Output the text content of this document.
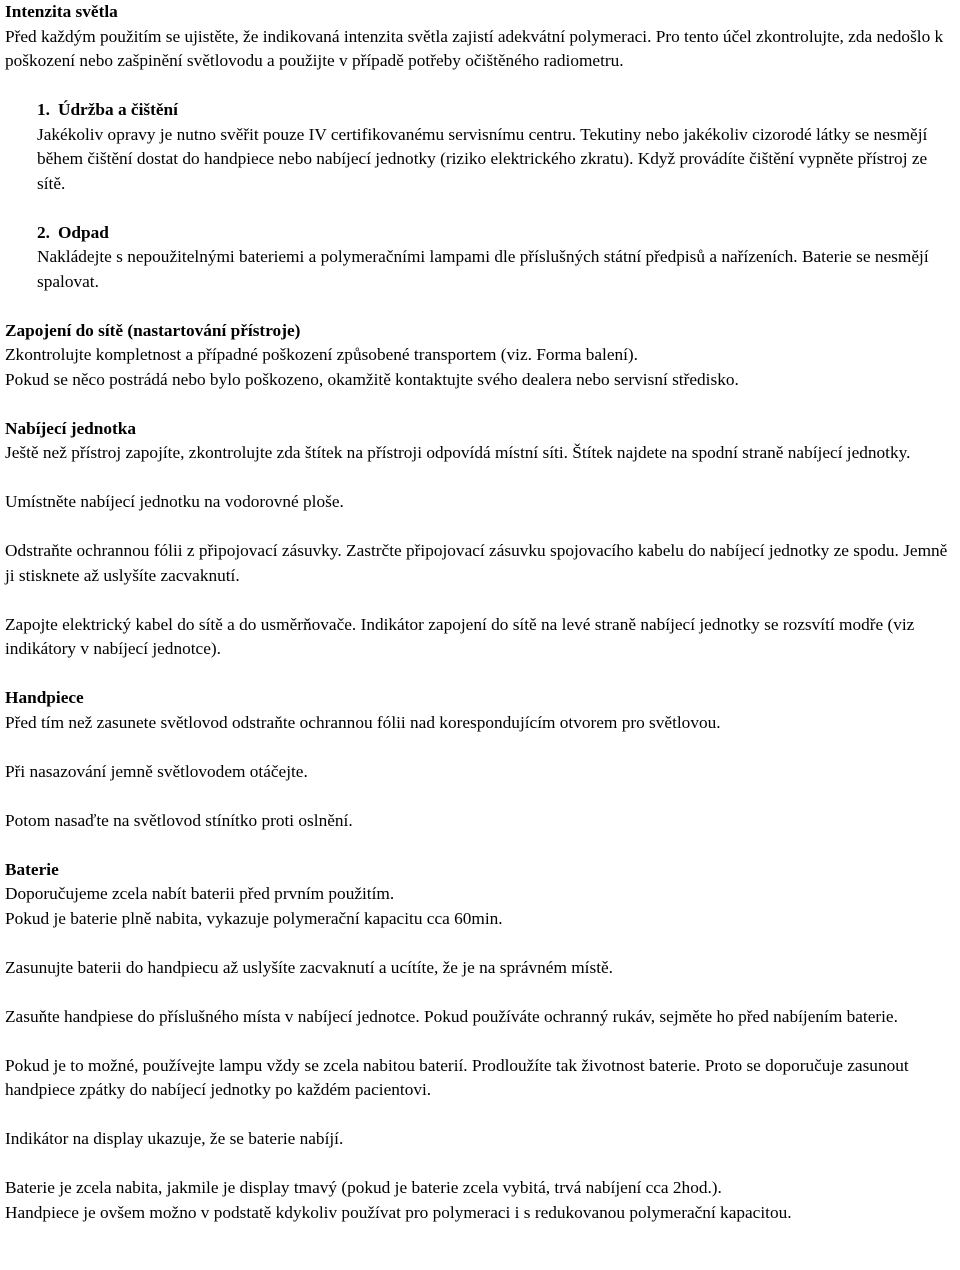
Intenzita světla

Před každým použitím se ujistěte, že indikovaná intenzita světla zajistí adekvátní polymeraci. Pro tento účel zkontrolujte, zda nedošlo k poškození nebo zašpinění světlovodu a použijte v případě potřeby očištěného radiometru.

1. Údržba a čištění

Jakékoliv opravy je nutno svěřit pouze IV certifikovanému servisnímu centru. Tekutiny nebo jakékoliv cizorodé látky se nesmějí během čištění dostat do handpiece nebo nabíjecí jednotky (riziko elektrického zkratu). Když provádíte čištění vypněte přístroj ze sítě.

2. Odpad

Nakládejte s nepoužitelnými bateriemi a polymeračními lampami dle příslušných státní předpisů a nařízeních. Baterie se nesmějí spalovat.

Zapojení do sítě (nastartování přístroje)

Zkontrolujte kompletnost a případné poškození způsobené transportem (viz. Forma balení).

Pokud se něco postrádá nebo bylo poškozeno, okamžitě kontaktujte svého dealera nebo servisní středisko.

Nabíjecí jednotka

Ještě než přístroj zapojíte, zkontrolujte zda štítek na přístroji odpovídá místní síti. Štítek najdete na spodní straně nabíjecí jednotky.

Umístněte nabíjecí jednotku na vodorovné ploše.

Odstraňte ochrannou fólii z připojovací zásuvky. Zastrčte připojovací zásuvku spojovacího kabelu do nabíjecí jednotky ze spodu. Jemně ji stisknete až uslyšíte zacvaknutí.

Zapojte elektrický kabel do sítě a do usměrňovače. Indikátor zapojení do sítě na levé straně nabíjecí jednotky se rozsvítí modře (viz indikátory v nabíjecí jednotce).

Handpiece

Před tím než zasunete světlovod odstraňte ochrannou fólii nad korespondujícím otvorem pro světlovou.

Při nasazování jemně světlovodem otáčejte.

Potom nasaďte na světlovod stínítko proti oslnění.

Baterie

Doporučujeme zcela nabít baterii před prvním použitím.

Pokud je baterie plně nabita, vykazuje polymerační kapacitu cca 60min.

Zasunujte baterii do handpiecu až uslyšíte zacvaknutí a ucítíte, že je na správném místě.

Zasuňte handpiese do příslušného místa v nabíjecí jednotce. Pokud používáte ochranný rukáv, sejměte ho před nabíjením baterie.

Pokud je to možné, používejte lampu vždy se zcela nabitou baterií. Prodloužíte tak životnost baterie. Proto se doporučuje zasunout handpiece zpátky do nabíjecí jednotky po každém pacientovi.

Indikátor na display ukazuje, že se baterie nabíjí.

Baterie je zcela nabita, jakmile je display tmavý (pokud je baterie zcela vybitá, trvá nabíjení cca 2hod.).

Handpiece je ovšem možno v podstatě kdykoliv používat pro polymeraci i s redukovanou polymerační kapacitou.
